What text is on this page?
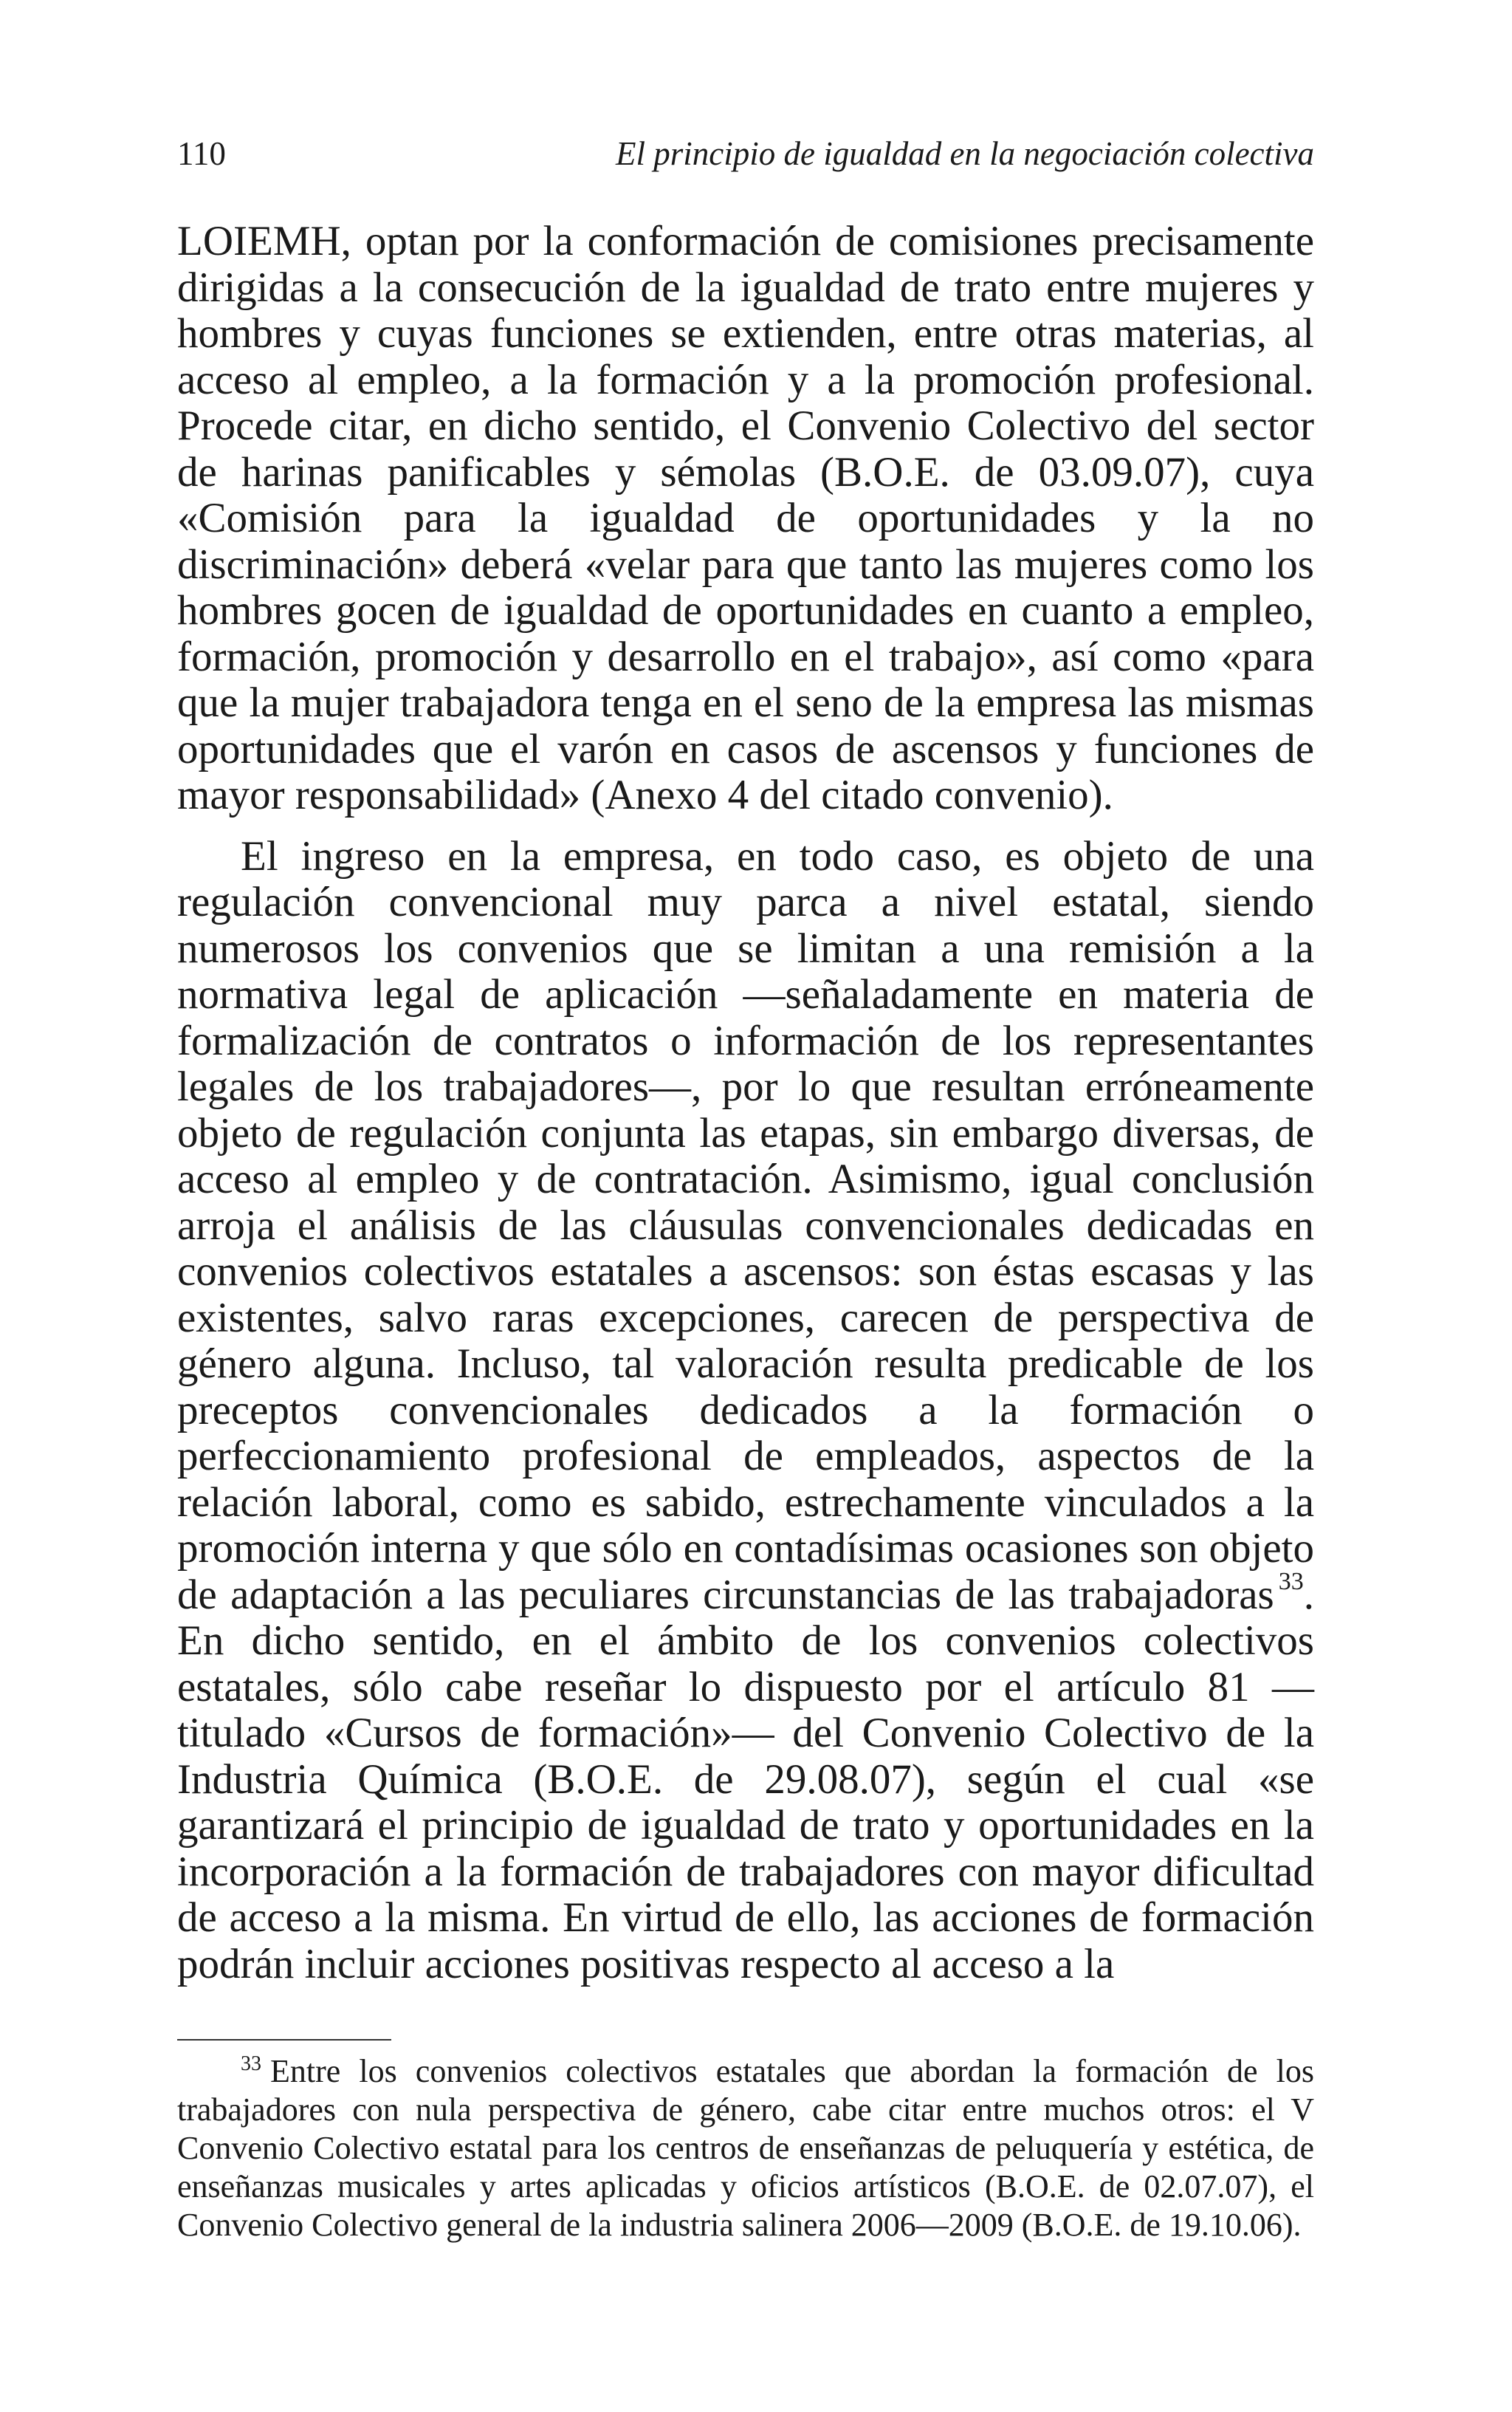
110	El principio de igualdad en la negociación colectiva

LOIEMH, optan por la conformación de comisiones precisamente dirigidas a la consecución de la igualdad de trato entre mujeres y hombres y cuyas funciones se extienden, entre otras materias, al acceso al empleo, a la formación y a la promoción profesional. Procede citar, en dicho sentido, el Convenio Colectivo del sector de harinas panificables y sémolas (B.O.E. de 03.09.07), cuya «Comisión para la igualdad de oportunidades y la no discriminación» deberá «velar para que tanto las mujeres como los hombres gocen de igualdad de oportunidades en cuanto a empleo, formación, promoción y desarrollo en el trabajo», así como «para que la mujer trabajadora tenga en el seno de la empresa las mismas oportunidades que el varón en casos de ascensos y funciones de mayor responsabilidad» (Anexo 4 del citado convenio).

El ingreso en la empresa, en todo caso, es objeto de una regulación convencional muy parca a nivel estatal, siendo numerosos los convenios que se limitan a una remisión a la normativa legal de aplicación —señaladamente en materia de formalización de contratos o información de los representantes legales de los trabajadores—, por lo que resultan erróneamente objeto de regulación conjunta las etapas, sin embargo diversas, de acceso al empleo y de contratación. Asimismo, igual conclusión arroja el análisis de las cláusulas convencionales dedicadas en convenios colectivos estatales a ascensos: son éstas escasas y las existentes, salvo raras excepciones, carecen de perspectiva de género alguna. Incluso, tal valoración resulta predicable de los preceptos convencionales dedicados a la formación o perfeccionamiento profesional de empleados, aspectos de la relación laboral, como es sabido, estrechamente vinculados a la promoción interna y que sólo en contadísimas ocasiones son objeto de adaptación a las peculiares circunstancias de las trabajadoras $^{33}$. En dicho sentido, en el ámbito de los convenios colectivos estatales, sólo cabe reseñar lo dispuesto por el artículo 81 —titulado «Cursos de formación»— del Convenio Colectivo de la Industria Química (B.O.E. de 29.08.07), según el cual «se garantizará el principio de igualdad de trato y oportunidades en la incorporación a la formación de trabajadores con mayor dificultad de acceso a la misma. En virtud de ello, las acciones de formación podrán incluir acciones positivas respecto al acceso a la

$^{33}$ Entre los convenios colectivos estatales que abordan la formación de los trabajadores con nula perspectiva de género, cabe citar entre muchos otros: el V Convenio Colectivo estatal para los centros de enseñanzas de peluquería y estética, de enseñanzas musicales y artes aplicadas y oficios artísticos (B.O.E. de 02.07.07), el Convenio Colectivo general de la industria salinera 2006—2009 (B.O.E. de 19.10.06).
